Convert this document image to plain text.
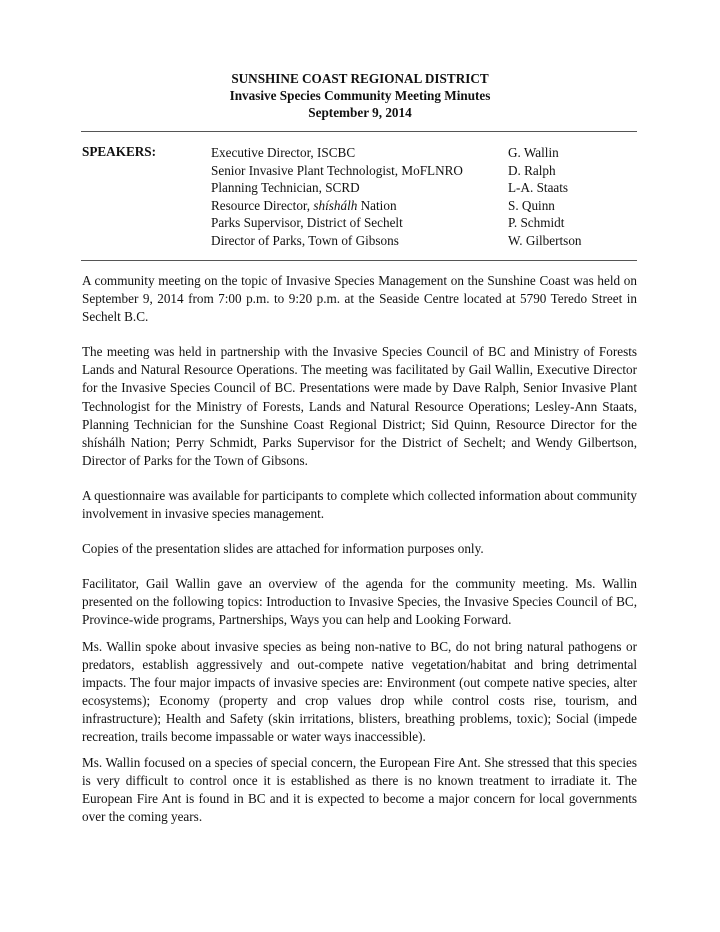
SUNSHINE COAST REGIONAL DISTRICT
Invasive Species Community Meeting Minutes
September 9, 2014
SPEAKERS:	Executive Director, ISCBC	G. Wallin
Senior Invasive Plant Technologist, MoFLNRO	D. Ralph
Planning Technician, SCRD	L-A. Staats
Resource Director, shíshálh Nation	S. Quinn
Parks Supervisor, District of Sechelt	P. Schmidt
Director of Parks, Town of Gibsons	W. Gilbertson

A community meeting on the topic of Invasive Species Management on the Sunshine Coast was held on September 9, 2014 from 7:00 p.m. to 9:20 p.m. at the Seaside Centre located at 5790 Teredo Street in Sechelt B.C.

The meeting was held in partnership with the Invasive Species Council of BC and Ministry of Forests Lands and Natural Resource Operations. The meeting was facilitated by Gail Wallin, Executive Director for the Invasive Species Council of BC. Presentations were made by Dave Ralph, Senior Invasive Plant Technologist for the Ministry of Forests, Lands and Natural Resource Operations; Lesley-Ann Staats, Planning Technician for the Sunshine Coast Regional District; Sid Quinn, Resource Director for the shíshálh Nation; Perry Schmidt, Parks Supervisor for the District of Sechelt; and Wendy Gilbertson, Director of Parks for the Town of Gibsons.

A questionnaire was available for participants to complete which collected information about community involvement in invasive species management.

Copies of the presentation slides are attached for information purposes only.

Facilitator, Gail Wallin gave an overview of the agenda for the community meeting. Ms. Wallin presented on the following topics: Introduction to Invasive Species, the Invasive Species Council of BC, Province-wide programs, Partnerships, Ways you can help and Looking Forward.

Ms. Wallin spoke about invasive species as being non-native to BC, do not bring natural pathogens or predators, establish aggressively and out-compete native vegetation/habitat and bring detrimental impacts. The four major impacts of invasive species are: Environment (out compete native species, alter ecosystems); Economy (property and crop values drop while control costs rise, tourism, and infrastructure); Health and Safety (skin irritations, blisters, breathing problems, toxic); Social (impede recreation, trails become impassable or water ways inaccessible).

Ms. Wallin focused on a species of special concern, the European Fire Ant. She stressed that this species is very difficult to control once it is established as there is no known treatment to irradiate it. The European Fire Ant is found in BC and it is expected to become a major concern for local governments over the coming years.
